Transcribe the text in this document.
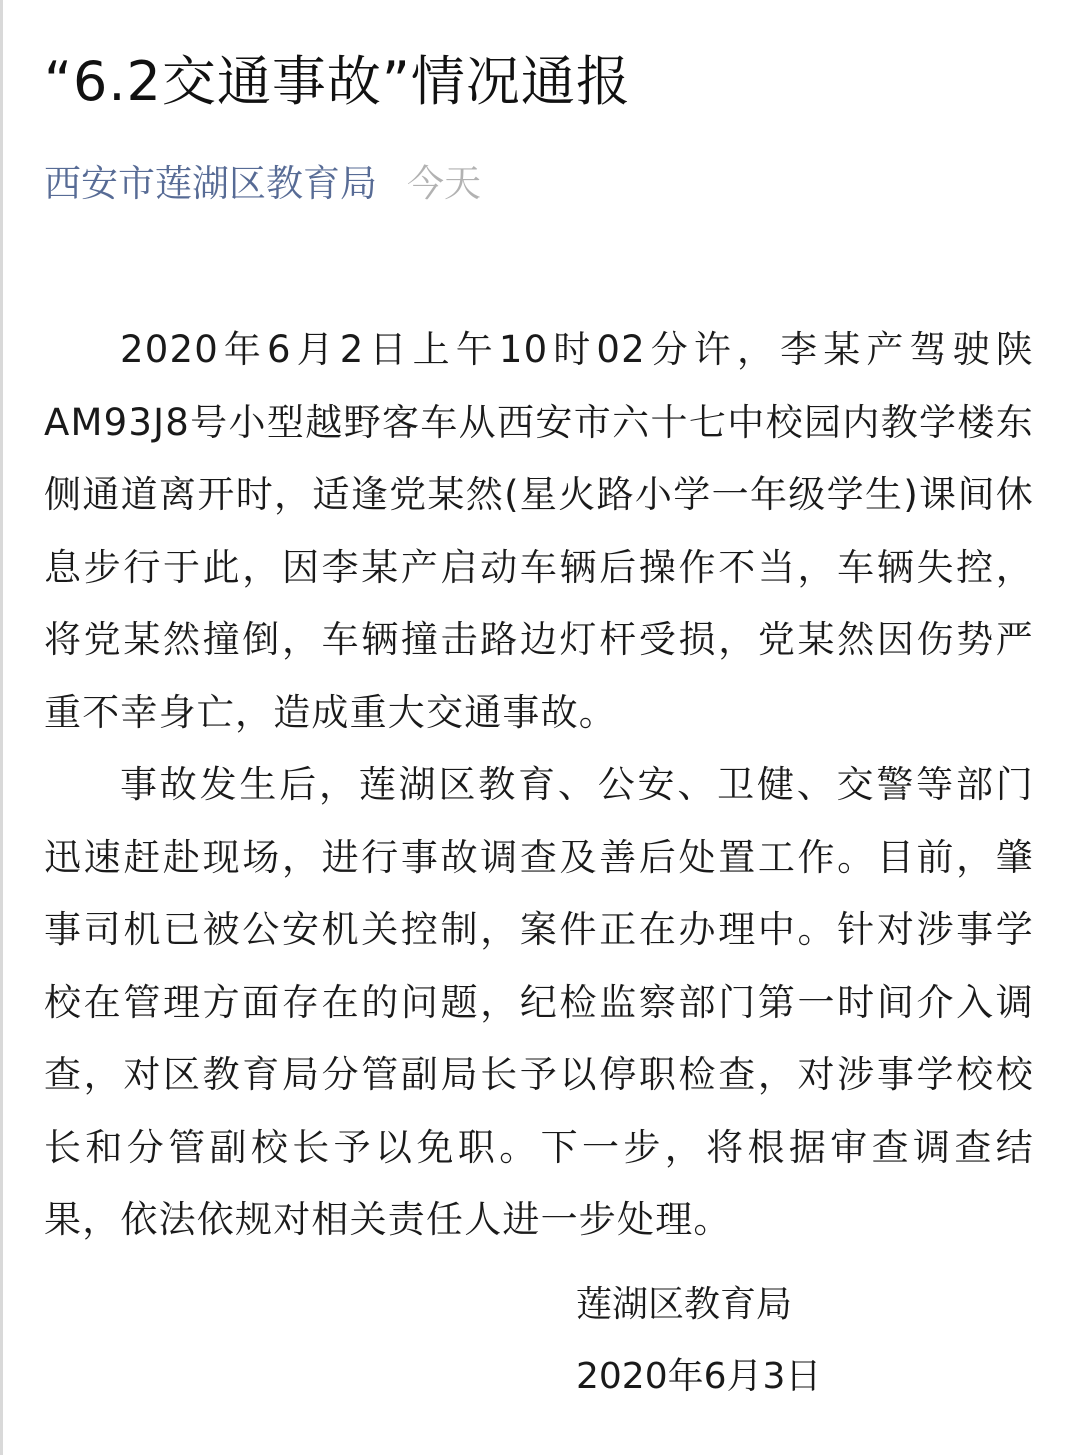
“6.2交通事故”情况通报
西安市莲湖区教育局 今天

2020年6月2日上午10时02分许，李某产驾驶陕AM93J8号小型越野客车从西安市六十七中校园内教学楼东侧通道离开时，适逢党某然(星火路小学一年级学生)课间休息步行于此，因李某产启动车辆后操作不当，车辆失控，将党某然撞倒，车辆撞击路边灯杆受损，党某然因伤势严重不幸身亡，造成重大交通事故。

事故发生后，莲湖区教育、公安、卫健、交警等部门迅速赶赴现场，进行事故调查及善后处置工作。目前，肇事司机已被公安机关控制，案件正在办理中。针对涉事学校在管理方面存在的问题，纪检监察部门第一时间介入调查，对区教育局分管副局长予以停职检查，对涉事学校校长和分管副校长予以免职。下一步，将根据审查调查结果，依法依规对相关责任人进一步处理。

莲湖区教育局
2020年6月3日
